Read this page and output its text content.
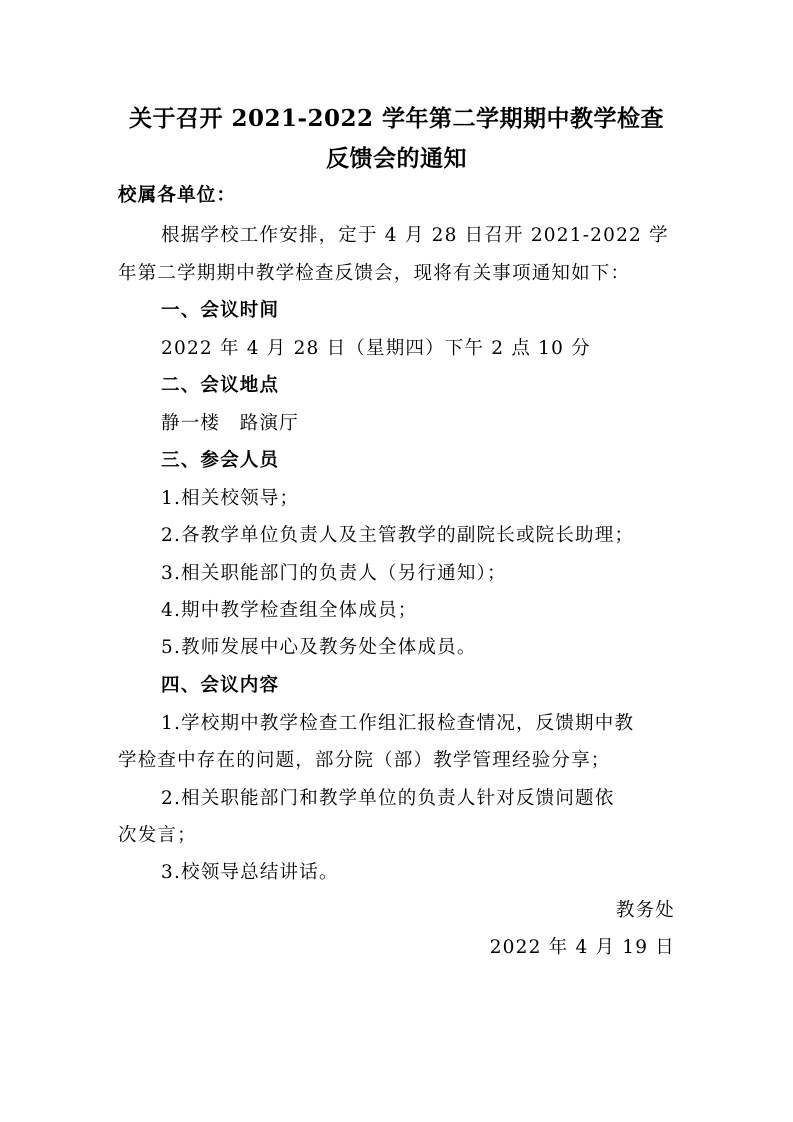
关于召开 2021-2022 学年第二学期期中教学检查
反馈会的通知
校属各单位：
根据学校工作安排，定于 4 月 28 日召开 2021-2022 学
年第二学期期中教学检查反馈会，现将有关事项通知如下：
一、会议时间
2022 年 4 月 28 日（星期四）下午 2 点 10 分
二、会议地点
静一楼　路演厅
三、参会人员
1.相关校领导；
2.各教学单位负责人及主管教学的副院长或院长助理；
3.相关职能部门的负责人（另行通知）；
4.期中教学检查组全体成员；
5.教师发展中心及教务处全体成员。
四、会议内容
1.学校期中教学检查工作组汇报检查情况，反馈期中教
学检查中存在的问题，部分院（部）教学管理经验分享；
2.相关职能部门和教学单位的负责人针对反馈问题依
次发言；
3.校领导总结讲话。
教务处
2022 年 4 月 19 日
